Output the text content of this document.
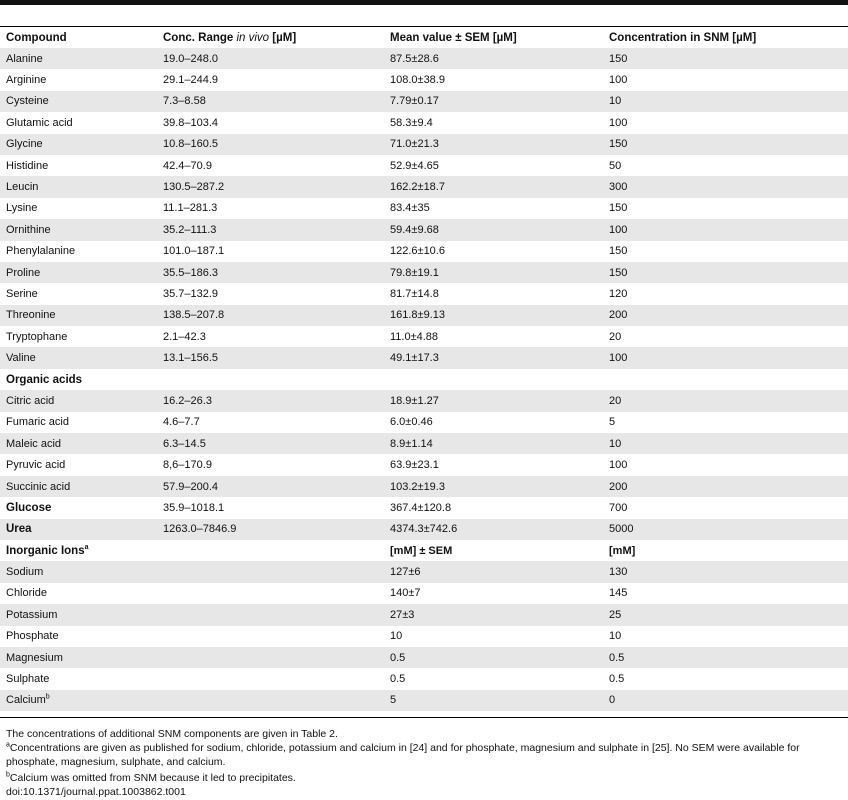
Compound	Conc. Range in vivo [µM]	Mean value ± SEM [µM]	Concentration in SNM [µM]
Alanine	19.0–248.0	87.5±28.6	150
Arginine	29.1–244.9	108.0±38.9	100
Cysteine	7.3–8.58	7.79±0.17	10
Glutamic acid	39.8–103.4	58.3±9.4	100
Glycine	10.8–160.5	71.0±21.3	150
Histidine	42.4–70.9	52.9±4.65	50
Leucin	130.5–287.2	162.2±18.7	300
Lysine	11.1–281.3	83.4±35	150
Ornithine	35.2–111.3	59.4±9.68	100
Phenylalanine	101.0–187.1	122.6±10.6	150
Proline	35.5–186.3	79.8±19.1	150
Serine	35.7–132.9	81.7±14.8	120
Threonine	138.5–207.8	161.8±9.13	200
Tryptophane	2.1–42.3	11.0±4.88	20
Valine	13.1–156.5	49.1±17.3	100
Organic acids			
Citric acid	16.2–26.3	18.9±1.27	20
Fumaric acid	4.6–7.7	6.0±0.46	5
Maleic acid	6.3–14.5	8.9±1.14	10
Pyruvic acid	8,6–170.9	63.9±23.1	100
Succinic acid	57.9–200.4	103.2±19.3	200
Glucose	35.9–1018.1	367.4±120.8	700
Urea	1263.0–7846.9	4374.3±742.6	5000
Inorganic Ions$^a$		[mM] ± SEM	[mM]
Sodium		127±6	130
Chloride		140±7	145
Potassium		27±3	25
Phosphate		10	10
Magnesium		0.5	0.5
Sulphate		0.5	0.5
Calcium$^b$		5	0
The concentrations of additional SNM components are given in Table 2.
$^a$Concentrations are given as published for sodium, chloride, potassium and calcium in [24] and for phosphate, magnesium and sulphate in [25]. No SEM were available for phosphate, magnesium, sulphate, and calcium.
$^b$Calcium was omitted from SNM because it led to precipitates.
doi:10.1371/journal.ppat.1003862.t001
